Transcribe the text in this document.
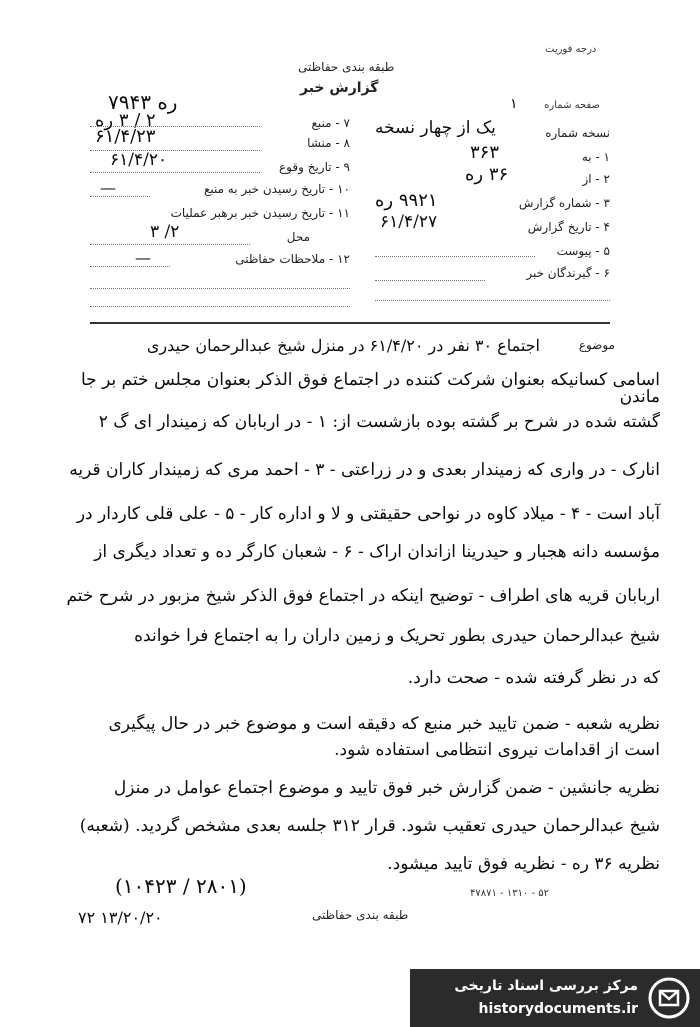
درجه فوریت
طبقه بندی حفاظتی
گزارش خبر
۷۹۴۳ ره
۷ - منبع
۲ / ۳ ره
۸ - منشا
۶۱/۴/۲۳
۹ - تاریخ وقوع
۶۱/۴/۲۰
۱۰ - تاریخ رسیدن خبر به منبع
—
۱۱ - تاریخ رسیدن خبر برهبر عملیات
محل
۲/ ۳
۱۲ - ملاحظات حفاظتی
—
صفحه شماره
۱
نسخه شماره
یک از چهار نسخه
۱ - به
۳۶۳
۲ - از
۳۶ ره
۳ - شماره گزارش
۹۹۲۱ ره
۴ - تاریخ گزارش
۶۱/۴/۲۷
۵ - پیوست
۶ - گیرندگان خبر
موضوع
اجتماع ۳۰ نفر در ۶۱/۴/۲۰ در منزل شیخ عبدالرحمان حیدری
اسامی کسانیکه بعنوان شرکت کننده در اجتماع فوق الذکر بعنوان مجلس ختم بر جا ماندن
گشته شده در شرح بر گشته بوده بازشست از: ۱ - در اربابان که زمیندار ای گ ۲
انارک - در واری که زمیندار بعدی و در زراعتی - ۳ - احمد مری که زمیندار کاران قریه
آباد است - ۴ - میلاد کاوه در نواحی حقیقتی و لا و اداره کار - ۵ - علی قلی کاردار در
مؤسسه دانه هجبار و حیدرینا ازاندان اراک - ۶ - شعبان کارگر ده و تعداد دیگری از
اربابان قریه های اطراف - توضیح اینکه در اجتماع فوق الذکر شیخ مزبور در شرح ختم
شیخ عبدالرحمان حیدری بطور تحریک و زمین داران را به اجتماع فرا خوانده
که در نظر گرفته شده - صحت دارد.
نظریه شعبه - ضمن تایید خبر منبع که دقیقه است و موضوع خبر در حال پیگیری
است از اقدامات نیروی انتظامی استفاده شود.
نظریه جانشین - ضمن گزارش خبر فوق تایید و موضوع اجتماع عوامل در منزل
شیخ عبدالرحمان حیدری تعقیب شود. قرار ۳۱۲ جلسه بعدی مشخص گردید. (شعبه)
نظریه ۳۶ ره - نظریه فوق تایید میشود.
(۱۰۴۲۳ / ۲۸۰۱)
۱۳/۲۰/۲۰ ۷۲	طبقه بندی حفاظتی
۴۷۸۷۱ - ۱۳۱۰ - ۵۲
مرکز بررسی اسناد تاریخی
historydocuments.ir
